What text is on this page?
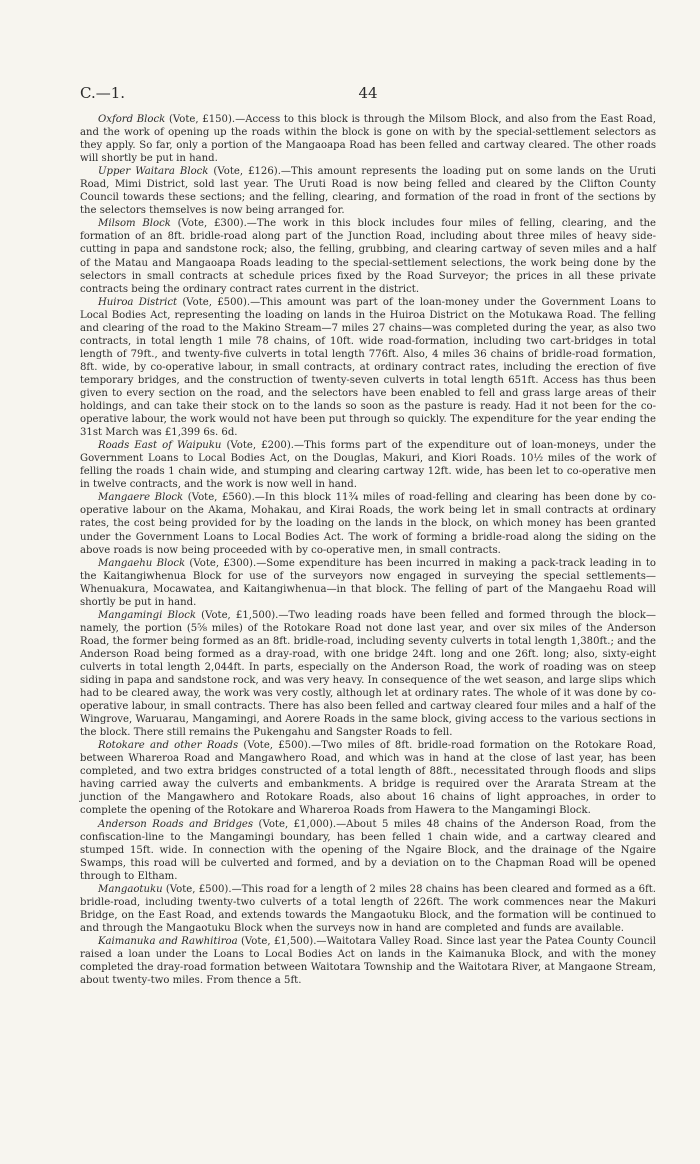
C.—1.	44

Oxford Block (Vote, £150).—Access to this block is through the Milsom Block, and also from the East Road, and the work of opening up the roads within the block is gone on with by the special-settlement selectors as they apply. So far, only a portion of the Mangaoapa Road has been felled and cartway cleared. The other roads will shortly be put in hand.

Upper Waitara Block (Vote, £126).—This amount represents the loading put on some lands on the Uruti Road, Mimi District, sold last year. The Uruti Road is now being felled and cleared by the Clifton County Council towards these sections; and the felling, clearing, and formation of the road in front of the sections by the selectors themselves is now being arranged for.

Milsom Block (Vote, £300).—The work in this block includes four miles of felling, clearing, and the formation of an 8ft. bridle-road along part of the Junction Road, including about three miles of heavy side-cutting in papa and sandstone rock; also, the felling, grubbing, and clearing cartway of seven miles and a half of the Matau and Mangaoapa Roads leading to the special-settlement selections, the work being done by the selectors in small contracts at schedule prices fixed by the Road Surveyor; the prices in all these private contracts being the ordinary contract rates current in the district.

Huiroa District (Vote, £500).—This amount was part of the loan-money under the Government Loans to Local Bodies Act, representing the loading on lands in the Huiroa District on the Motukawa Road. The felling and clearing of the road to the Makino Stream—7 miles 27 chains—was completed during the year, as also two contracts, in total length 1 mile 78 chains, of 10ft. wide road-formation, including two cart-bridges in total length of 79ft., and twenty-five culverts in total length 776ft. Also, 4 miles 36 chains of bridle-road formation, 8ft. wide, by co-operative labour, in small contracts, at ordinary contract rates, including the erection of five temporary bridges, and the construction of twenty-seven culverts in total length 651ft. Access has thus been given to every section on the road, and the selectors have been enabled to fell and grass large areas of their holdings, and can take their stock on to the lands so soon as the pasture is ready. Had it not been for the co-operative labour, the work would not have been put through so quickly. The expenditure for the year ending the 31st March was £1,399 6s. 6d.

Roads East of Waipuku (Vote, £200).—This forms part of the expenditure out of loan-moneys, under the Government Loans to Local Bodies Act, on the Douglas, Makuri, and Kiori Roads. 10½ miles of the work of felling the roads 1 chain wide, and stumping and clearing cartway 12ft. wide, has been let to co-operative men in twelve contracts, and the work is now well in hand.

Mangaere Block (Vote, £560).—In this block 11¾ miles of road-felling and clearing has been done by co-operative labour on the Akama, Mohakau, and Kirai Roads, the work being let in small contracts at ordinary rates, the cost being provided for by the loading on the lands in the block, on which money has been granted under the Government Loans to Local Bodies Act. The work of forming a bridle-road along the siding on the above roads is now being proceeded with by co-operative men, in small contracts.

Mangaehu Block (Vote, £300).—Some expenditure has been incurred in making a pack-track leading in to the Kaitangiwhenua Block for use of the surveyors now engaged in surveying the special settlements—Whenuakura, Mocawatea, and Kaitangiwhenua—in that block. The felling of part of the Mangaehu Road will shortly be put in hand.

Mangamingi Block (Vote, £1,500).—Two leading roads have been felled and formed through the block—namely, the portion (5⅝ miles) of the Rotokare Road not done last year, and over six miles of the Anderson Road, the former being formed as an 8ft. bridle-road, including seventy culverts in total length 1,380ft.; and the Anderson Road being formed as a dray-road, with one bridge 24ft. long and one 26ft. long; also, sixty-eight culverts in total length 2,044ft. In parts, especially on the Anderson Road, the work of roading was on steep siding in papa and sandstone rock, and was very heavy. In consequence of the wet season, and large slips which had to be cleared away, the work was very costly, although let at ordinary rates. The whole of it was done by co-operative labour, in small contracts. There has also been felled and cartway cleared four miles and a half of the Wingrove, Waruarau, Mangamingi, and Aorere Roads in the same block, giving access to the various sections in the block. There still remains the Pukengahu and Sangster Roads to fell.

Rotokare and other Roads (Vote, £500).—Two miles of 8ft. bridle-road formation on the Rotokare Road, between Whareroa Road and Mangawhero Road, and which was in hand at the close of last year, has been completed, and two extra bridges constructed of a total length of 88ft., necessitated through floods and slips having carried away the culverts and embankments. A bridge is required over the Ararata Stream at the junction of the Mangawhero and Rotokare Roads, also about 16 chains of light approaches, in order to complete the opening of the Rotokare and Whareroa Roads from Hawera to the Mangamingi Block.

Anderson Roads and Bridges (Vote, £1,000).—About 5 miles 48 chains of the Anderson Road, from the confiscation-line to the Mangamingi boundary, has been felled 1 chain wide, and a cartway cleared and stumped 15ft. wide. In connection with the opening of the Ngaire Block, and the drainage of the Ngaire Swamps, this road will be culverted and formed, and by a deviation on to the Chapman Road will be opened through to Eltham.

Mangaotuku (Vote, £500).—This road for a length of 2 miles 28 chains has been cleared and formed as a 6ft. bridle-road, including twenty-two culverts of a total length of 226ft. The work commences near the Makuri Bridge, on the East Road, and extends towards the Mangaotuku Block, and the formation will be continued to and through the Mangaotuku Block when the surveys now in hand are completed and funds are available.

Kaimanuka and Rawhitiroa (Vote, £1,500).—Waitotara Valley Road. Since last year the Patea County Council raised a loan under the Loans to Local Bodies Act on lands in the Kaimanuka Block, and with the money completed the dray-road formation between Waitotara Township and the Waitotara River, at Mangaone Stream, about twenty-two miles. From thence a 5ft.
